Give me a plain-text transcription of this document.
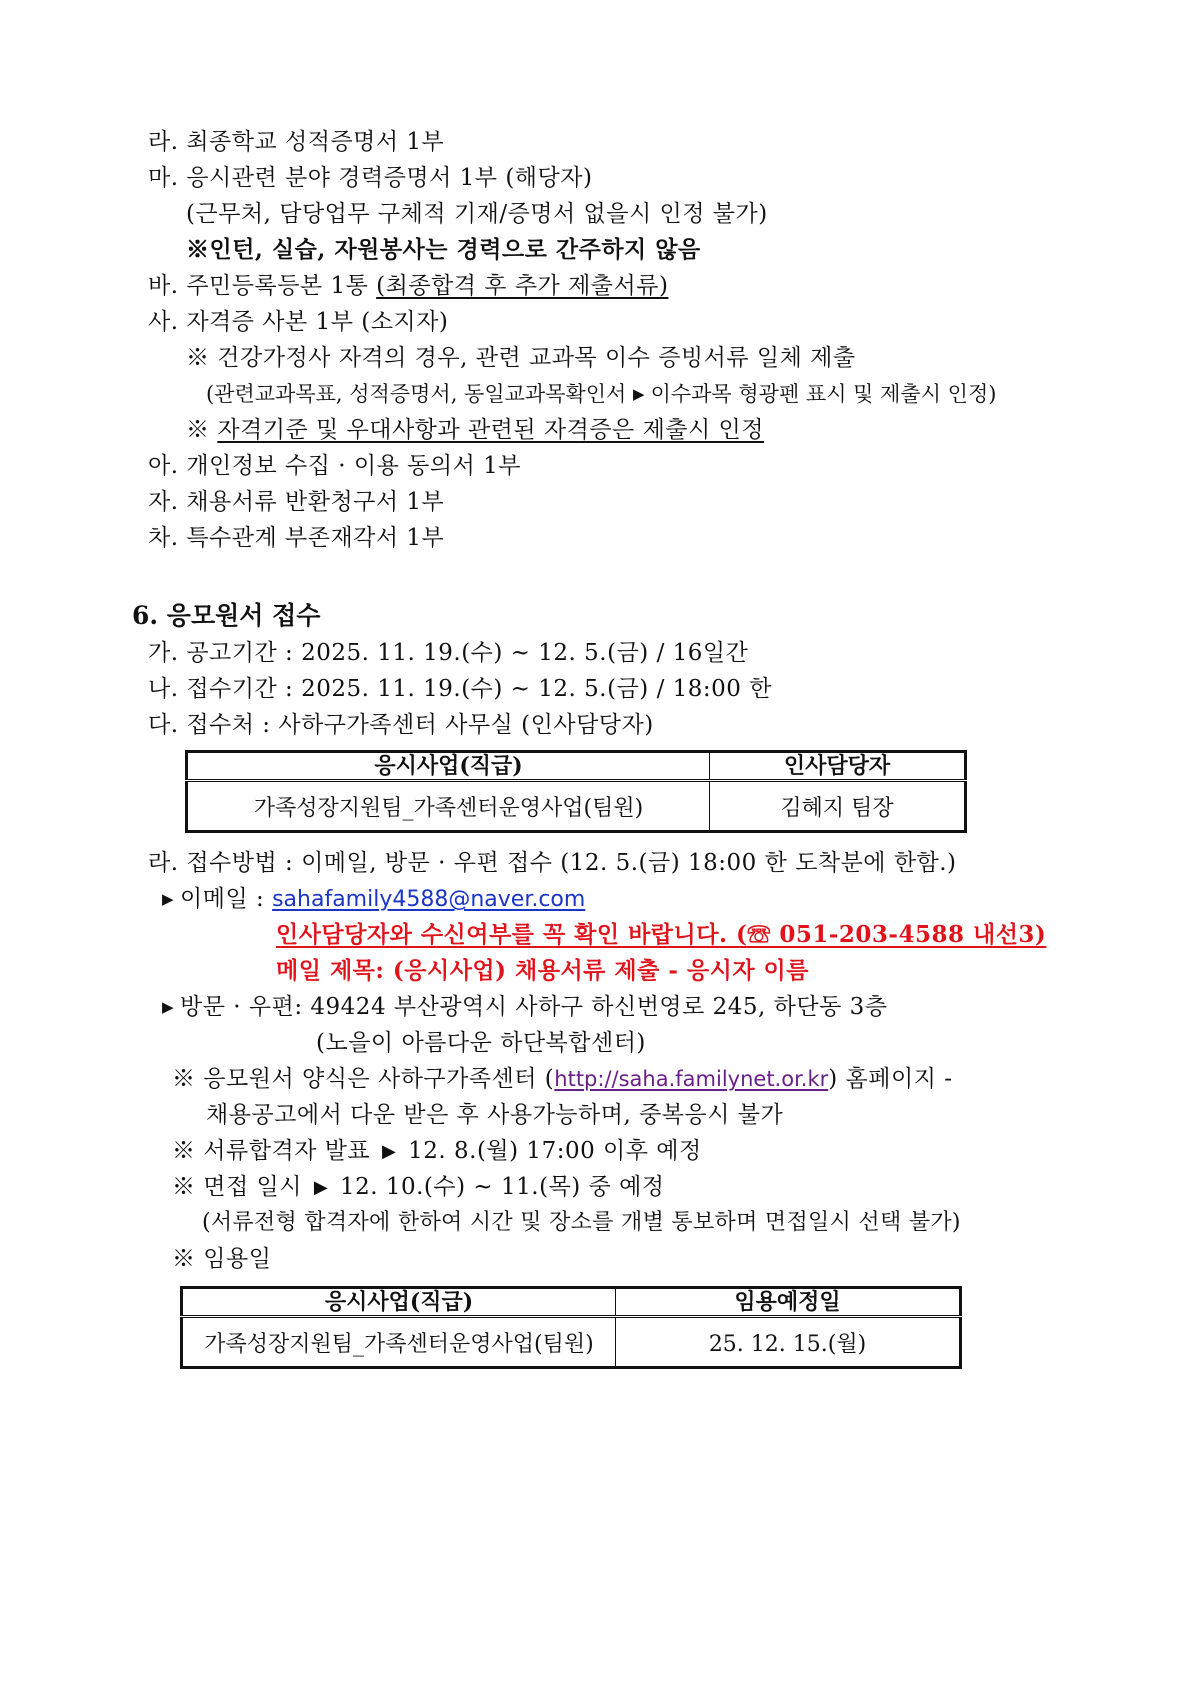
라. 최종학교 성적증명서 1부
마. 응시관련 분야 경력증명서 1부 (해당자)
(근무처, 담당업무 구체적 기재/증명서 없을시 인정 불가)
※인턴, 실습, 자원봉사는 경력으로 간주하지 않음
바. 주민등록등본 1통 (최종합격 후 추가 제출서류)
사. 자격증 사본 1부 (소지자)
※ 건강가정사 자격의 경우, 관련 교과목 이수 증빙서류 일체 제출
(관련교과목표, 성적증명서, 동일교과목확인서 ▶ 이수과목 형광펜 표시 및 제출시 인정)
※ 자격기준 및 우대사항과 관련된 자격증은 제출시 인정
아. 개인정보 수집 · 이용 동의서 1부
자. 채용서류 반환청구서 1부
차. 특수관계 부존재각서 1부
6. 응모원서 접수
가. 공고기간 : 2025. 11. 19.(수) ~ 12. 5.(금) / 16일간
나. 접수기간 : 2025. 11. 19.(수) ~ 12. 5.(금) / 18:00 한
다. 접수처 : 사하구가족센터 사무실 (인사담당자)
응시사업(직급)	인사담당자
가족성장지원팀_가족센터운영사업(팀원)	김혜지 팀장
라. 접수방법 : 이메일, 방문 · 우편 접수 (12. 5.(금) 18:00 한 도착분에 한함.)
▶ 이메일 : sahafamily4588@naver.com
인사담당자와 수신여부를 꼭 확인 바랍니다. (☏ 051-203-4588 내선3)
메일 제목: (응시사업) 채용서류 제출 - 응시자 이름
▶ 방문 · 우편: 49424 부산광역시 사하구 하신번영로 245, 하단동 3층
(노을이 아름다운 하단복합센터)
※ 응모원서 양식은 사하구가족센터 (http://saha.familynet.or.kr) 홈페이지 -
채용공고에서 다운 받은 후 사용가능하며, 중복응시 불가
※ 서류합격자 발표 ▶ 12. 8.(월) 17:00 이후 예정
※ 면접 일시 ▶ 12. 10.(수) ~ 11.(목) 중 예정
(서류전형 합격자에 한하여 시간 및 장소를 개별 통보하며 면접일시 선택 불가)
※ 임용일
응시사업(직급)	임용예정일
가족성장지원팀_가족센터운영사업(팀원)	25. 12. 15.(월)
